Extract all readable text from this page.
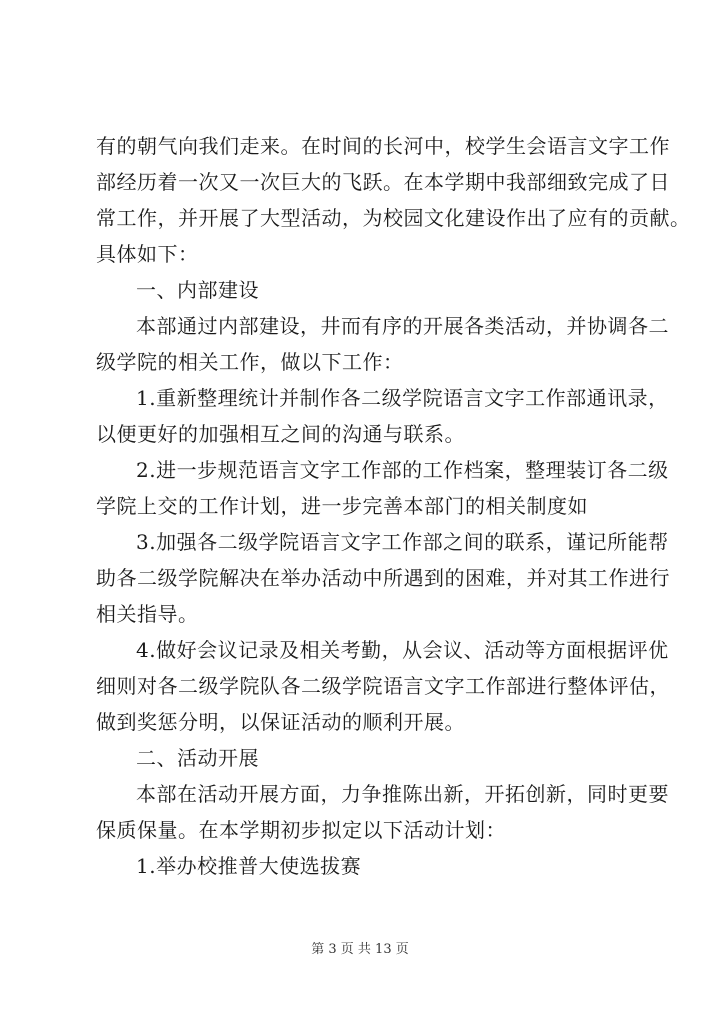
有的朝气向我们走来。在时间的长河中，校学生会语言文字工作
部经历着一次又一次巨大的飞跃。在本学期中我部细致完成了日
常工作，并开展了大型活动，为校园文化建设作出了应有的贡献。
具体如下：
一、内部建设
本部通过内部建设，井而有序的开展各类活动，并协调各二
级学院的相关工作，做以下工作：
1.重新整理统计并制作各二级学院语言文字工作部通讯录，
以便更好的加强相互之间的沟通与联系。
2.进一步规范语言文字工作部的工作档案，整理装订各二级
学院上交的工作计划，进一步完善本部门的相关制度如
3.加强各二级学院语言文字工作部之间的联系，谨记所能帮
助各二级学院解决在举办活动中所遇到的困难，并对其工作进行
相关指导。
4.做好会议记录及相关考勤，从会议、活动等方面根据评优
细则对各二级学院队各二级学院语言文字工作部进行整体评估，
做到奖惩分明，以保证活动的顺利开展。
二、活动开展
本部在活动开展方面，力争推陈出新，开拓创新，同时更要
保质保量。在本学期初步拟定以下活动计划：
1.举办校推普大使选拔赛
第 3 页 共 13 页
